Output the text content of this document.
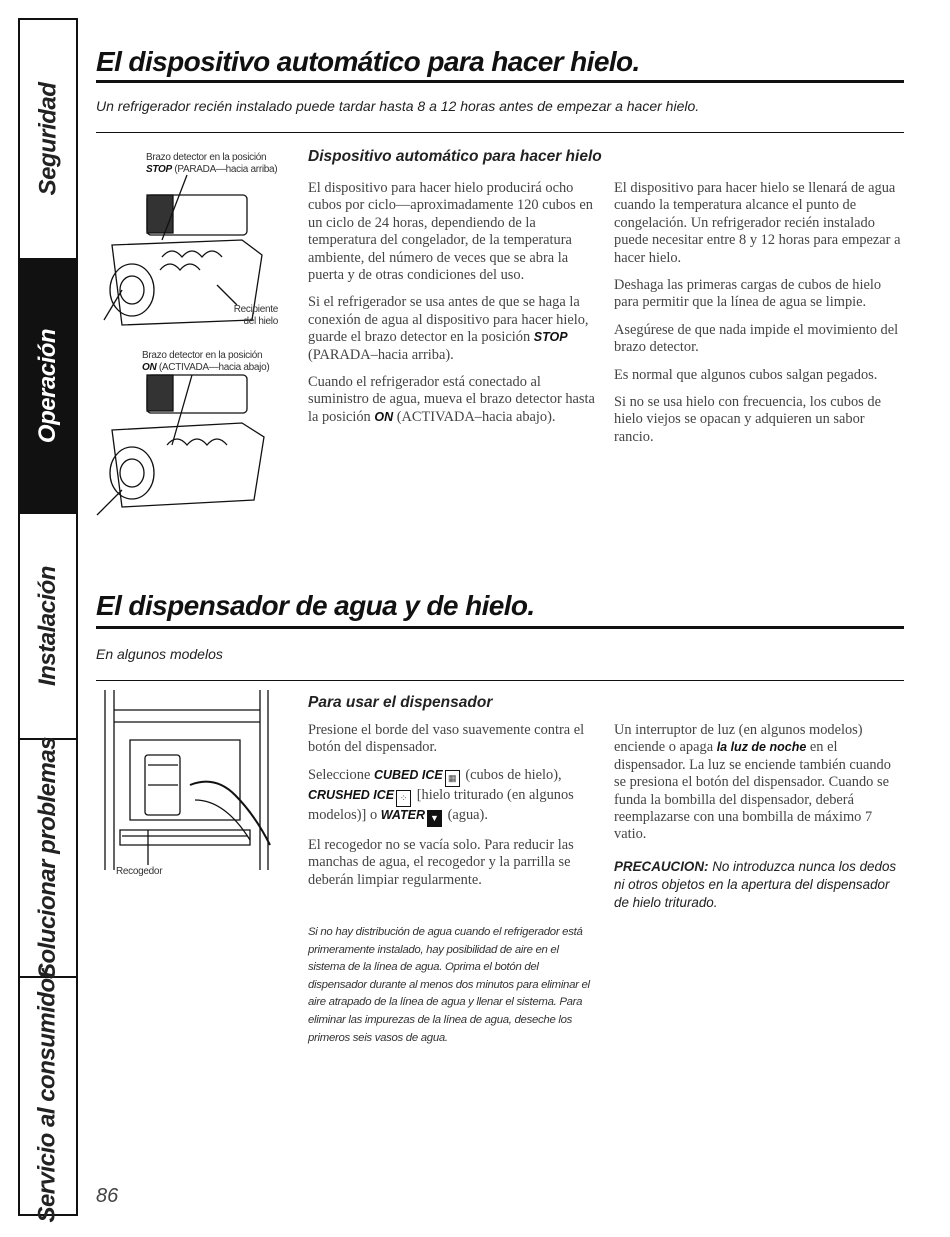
Seguridad
Operación
Instalación
Solucionar problemas
Servicio al consumidor
El dispositivo automático para hacer hielo.
Un refrigerador recién instalado puede tardar hasta 8 a 12 horas antes de empezar a hacer hielo.
Brazo detector en la posición
STOP (PARADA—hacia arriba)
Recipiente del hielo
Brazo detector en la posición
ON (ACTIVADA—hacia abajo)
Dispositivo automático para hacer hielo

El dispositivo para hacer hielo producirá ocho cubos por ciclo—aproximadamente 120 cubos en un ciclo de 24 horas, dependiendo de la temperatura del congelador, de la temperatura ambiente, del número de veces que se abra la puerta y de otras condiciones del uso.

Si el refrigerador se usa antes de que se haga la conexión de agua al dispositivo para hacer hielo, guarde el brazo detector en la posición STOP (PARADA–hacia arriba).

Cuando el refrigerador está conectado al suministro de agua, mueva el brazo detector hasta la posición ON (ACTIVADA–hacia abajo).

El dispositivo para hacer hielo se llenará de agua cuando la temperatura alcance el punto de congelación. Un refrigerador recién instalado puede necesitar entre 8 y 12 horas para empezar a hacer hielo.

Deshaga las primeras cargas de cubos de hielo para permitir que la línea de agua se limpie.

Asegúrese de que nada impide el movimiento del brazo detector.

Es normal que algunos cubos salgan pegados.

Si no se usa hielo con frecuencia, los cubos de hielo viejos se opacan y adquieren un sabor rancio.

El dispensador de agua y de hielo.
En algunos modelos
Recogedor
Para usar el dispensador

Presione el borde del vaso suavemente contra el botón del dispensador.

Seleccione CUBED ICE ▦ (cubos de hielo), CRUSHED ICE ⁘ [hielo triturado (en algunos modelos)] o WATER ▼ (agua).

El recogedor no se vacía solo. Para reducir las manchas de agua, el recogedor y la parrilla se deberán limpiar regularmente.

Si no hay distribución de agua cuando el refrigerador está primeramente instalado, hay posibilidad de aire en el sistema de la línea de agua. Oprima el botón del dispensador durante al menos dos minutos para eliminar el aire atrapado de la línea de agua y llenar el sistema. Para eliminar las impurezas de la línea de agua, deseche los primeros seis vasos de agua.

Un interruptor de luz (en algunos modelos) enciende o apaga la luz de noche en el dispensador. La luz se enciende también cuando se presiona el botón del dispensador. Cuando se funda la bombilla del dispensador, deberá reemplazarse con una bombilla de máximo 7 vatio.

PRECAUCION: No introduzca nunca los dedos ni otros objetos en la apertura del dispensador de hielo triturado.
86
